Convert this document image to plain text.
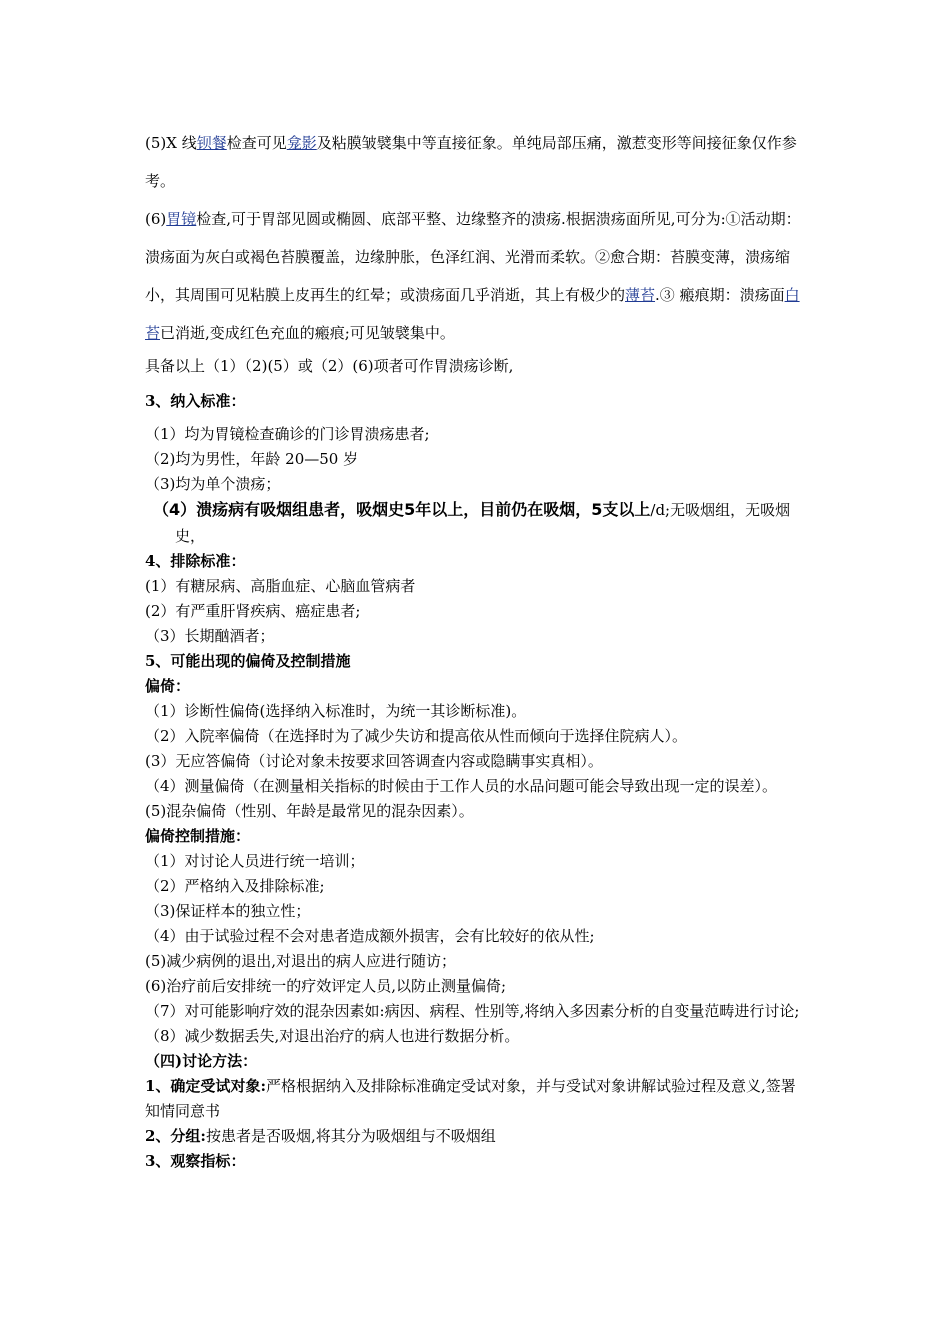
(5)X 线钡餐检查可见龛影及粘膜皱襞集中等直接征象。单纯局部压痛，激惹变形等间接征象仅作参考。

(6)胃镜检查,可于胃部见圆或椭圆、底部平整、边缘整齐的溃疡.根据溃疡面所见,可分为:①活动期：溃疡面为灰白或褐色苔膜覆盖，边缘肿胀，色泽红润、光滑而柔软。②愈合期：苔膜变薄，溃疡缩小，其周围可见粘膜上皮再生的红晕；或溃疡面几乎消逝，其上有极少的薄苔.③ 瘢痕期：溃疡面白苔已消逝,变成红色充血的瘢痕;可见皱襞集中。

具备以上（1）（2)(5）或（2）(6)项者可作胃溃疡诊断,

3、纳入标准：

（1）均为胃镜检查确诊的门诊胃溃疡患者;

（2)均为男性，年龄 20—50 岁

（3)均为单个溃疡；

（4）溃疡病有吸烟组患者，吸烟史5年以上，目前仍在吸烟，5支以上/d;无吸烟组，无吸烟史，

4、排除标准：

(1）有糖尿病、高脂血症、心脑血管病者

(2）有严重肝肾疾病、癌症患者;

（3）长期酗酒者；

5、可能出现的偏倚及控制措施

偏倚：

（1）诊断性偏倚(选择纳入标准时，为统一其诊断标准)。

（2）入院率偏倚（在选择时为了减少失访和提高依从性而倾向于选择住院病人）。

(3）无应答偏倚（讨论对象未按要求回答调查内容或隐瞒事实真相）。

（4）测量偏倚（在测量相关指标的时候由于工作人员的水品问题可能会导致出现一定的误差）。

(5)混杂偏倚（性别、年龄是最常见的混杂因素）。

偏倚控制措施：

（1）对讨论人员进行统一培训；

（2）严格纳入及排除标准;

（3)保证样本的独立性；

（4）由于试验过程不会对患者造成额外损害，会有比较好的依从性;

(5)减少病例的退出,对退出的病人应进行随访；

(6)治疗前后安排统一的疗效评定人员,以防止测量偏倚;

（7）对可能影响疗效的混杂因素如:病因、病程、性别等,将纳入多因素分析的自变量范畴进行讨论;

（8）减少数据丢失,对退出治疗的病人也进行数据分析。

（四)讨论方法：

1、确定受试对象:严格根据纳入及排除标准确定受试对象，并与受试对象讲解试验过程及意义,签署知情同意书

2、分组:按患者是否吸烟,将其分为吸烟组与不吸烟组

3、观察指标：
